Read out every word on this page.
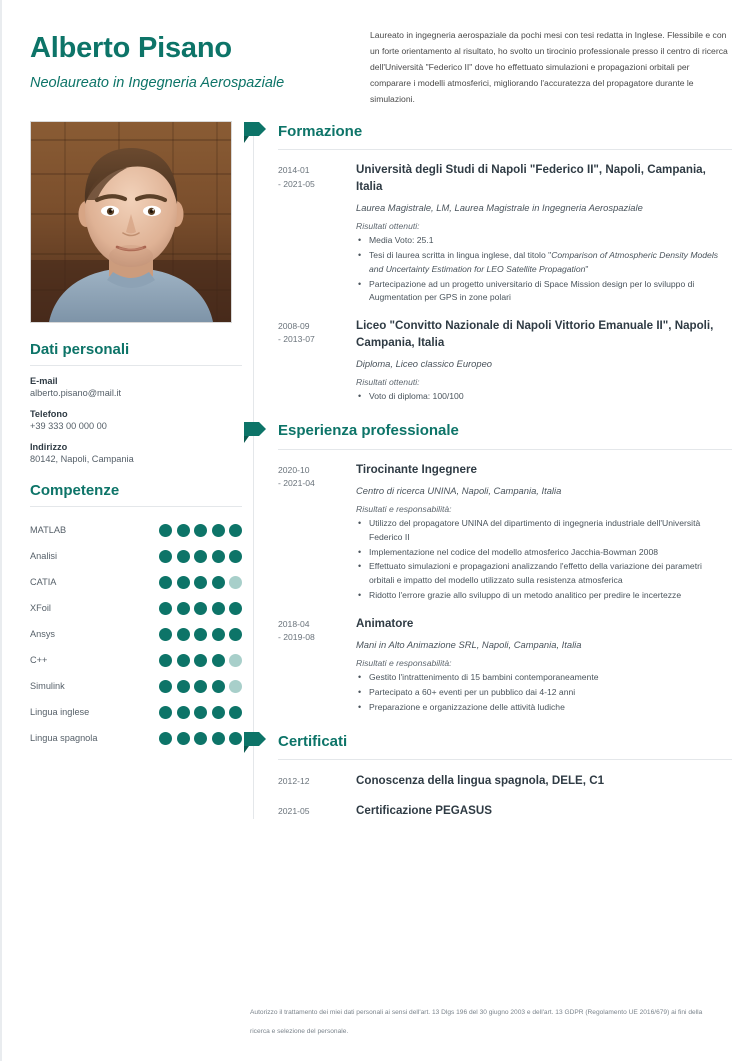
Alberto Pisano
Neolaureato in Ingegneria Aerospaziale
Laureato in ingegneria aerospaziale da pochi mesi con tesi redatta in Inglese. Flessibile e con un forte orientamento al risultato, ho svolto un tirocinio professionale presso il centro di ricerca dell'Università "Federico II" dove ho effettuato simulazioni e propagazioni orbitali per comparare i modelli atmosferici, migliorando l'accuratezza del propagatore durante le simulazioni.
Dati personali
E-mail
alberto.pisano@mail.it
Telefono
+39 333 00 000 00
Indirizzo
80142, Napoli, Campania
Competenze
MATLAB
Analisi
CATIA
XFoil
Ansys
C++
Simulink
Lingua inglese
Lingua spagnola
Formazione
2014-01
- 2021-05
Università degli Studi di Napoli "Federico II", Napoli, Campania, Italia
Laurea Magistrale, LM, Laurea Magistrale in Ingegneria Aerospaziale
Risultati ottenuti:
• Media Voto: 25.1
• Tesi di laurea scritta in lingua inglese, dal titolo "Comparison of Atmospheric Density Models and Uncertainty Estimation for LEO Satellite Propagation"
• Partecipazione ad un progetto universitario di Space Mission design per lo sviluppo di Augmentation per GPS in zone polari
2008-09
- 2013-07
Liceo "Convitto Nazionale di Napoli Vittorio Emanuale II", Napoli, Campania, Italia
Diploma, Liceo classico Europeo
Risultati ottenuti:
• Voto di diploma: 100/100
Esperienza professionale
2020-10
- 2021-04
Tirocinante Ingegnere
Centro di ricerca UNINA, Napoli, Campania, Italia
Risultati e responsabilità:
• Utilizzo del propagatore UNINA del dipartimento di ingegneria industriale dell'Università Federico II
• Implementazione nel codice del modello atmosferico Jacchia-Bowman 2008
• Effettuato simulazioni e propagazioni analizzando l'effetto della variazione dei parametri orbitali e impatto del modello utilizzato sulla resistenza atmosferica
• Ridotto l'errore grazie allo sviluppo di un metodo analitico per predire le incertezze
2018-04
- 2019-08
Animatore
Mani in Alto Animazione SRL, Napoli, Campania, Italia
Risultati e responsabilità:
• Gestito l'intrattenimento di 15 bambini contemporaneamente
• Partecipato a 60+ eventi per un pubblico dai 4-12 anni
• Preparazione e organizzazione delle attività ludiche
Certificati
2012-12	Conoscenza della lingua spagnola, DELE, C1
2021-05	Certificazione PEGASUS
Autorizzo il trattamento dei miei dati personali ai sensi dell'art. 13 Dlgs 196 del 30 giugno 2003 e dell'art. 13 GDPR (Regolamento UE 2016/679) ai fini della ricerca e selezione del personale.
